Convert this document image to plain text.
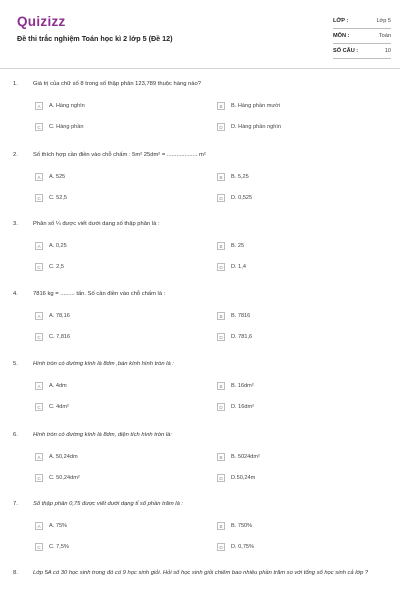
Quizizz
Đề thi trắc nghiệm Toán học kì 2 lớp 5 (Đề 12)
LỚP :	Lớp 5
MÔN :	Toán
SỐ CÂU :	10
1.	Giá trị của chữ số 8 trong số thập phân 123,789 thuộc hàng nào?
A	A. Hàng nghìn	B	B. Hàng phần mười
C	C. Hàng phần	D	D. Hàng phần nghìn
2.	Số thích hợp cần điền vào chỗ chấm : 5m² 25dm² = ................... m²
A	A. 525	B	B. 5,25
C	C. 52,5	D	D. 0,525
3.	Phân số ¼ được viết dưới dạng số thập phân là :
A	A. 0,25	B	B. 25
C	C. 2,5	D	D. 1,4
4.	7816 kg = ......... tấn. Số cần điền vào chỗ chấm là :
A	A. 78,16	B	B. 7816
C	C. 7,816	D	D. 781,6
5.	Hình tròn có đường kính là 8dm ,bán kính hình tròn là :
A	A. 4dm	B	B. 16dm²
C	C. 4dm²	D	D. 16dm²
6.	Hình tròn có đường kính là 8dm, diện tích hình tròn là:
A	A. 50,24dm	B	B. 5024dm²
C	C. 50,24dm²	D	D.50,24m
7.	Số thập phân 0,75 được viết dưới dạng tỉ số phần trăm là :
A	A. 75%	B	B. 750%
C	C. 7,5%	D	D. 0,75%
8.	Lớp 5A có 30 học sinh trong đó có 9 học sinh giỏi. Hỏi số học sinh giỏi chiếm bao nhiêu phần trăm so với tổng số học sinh cả lớp ?
